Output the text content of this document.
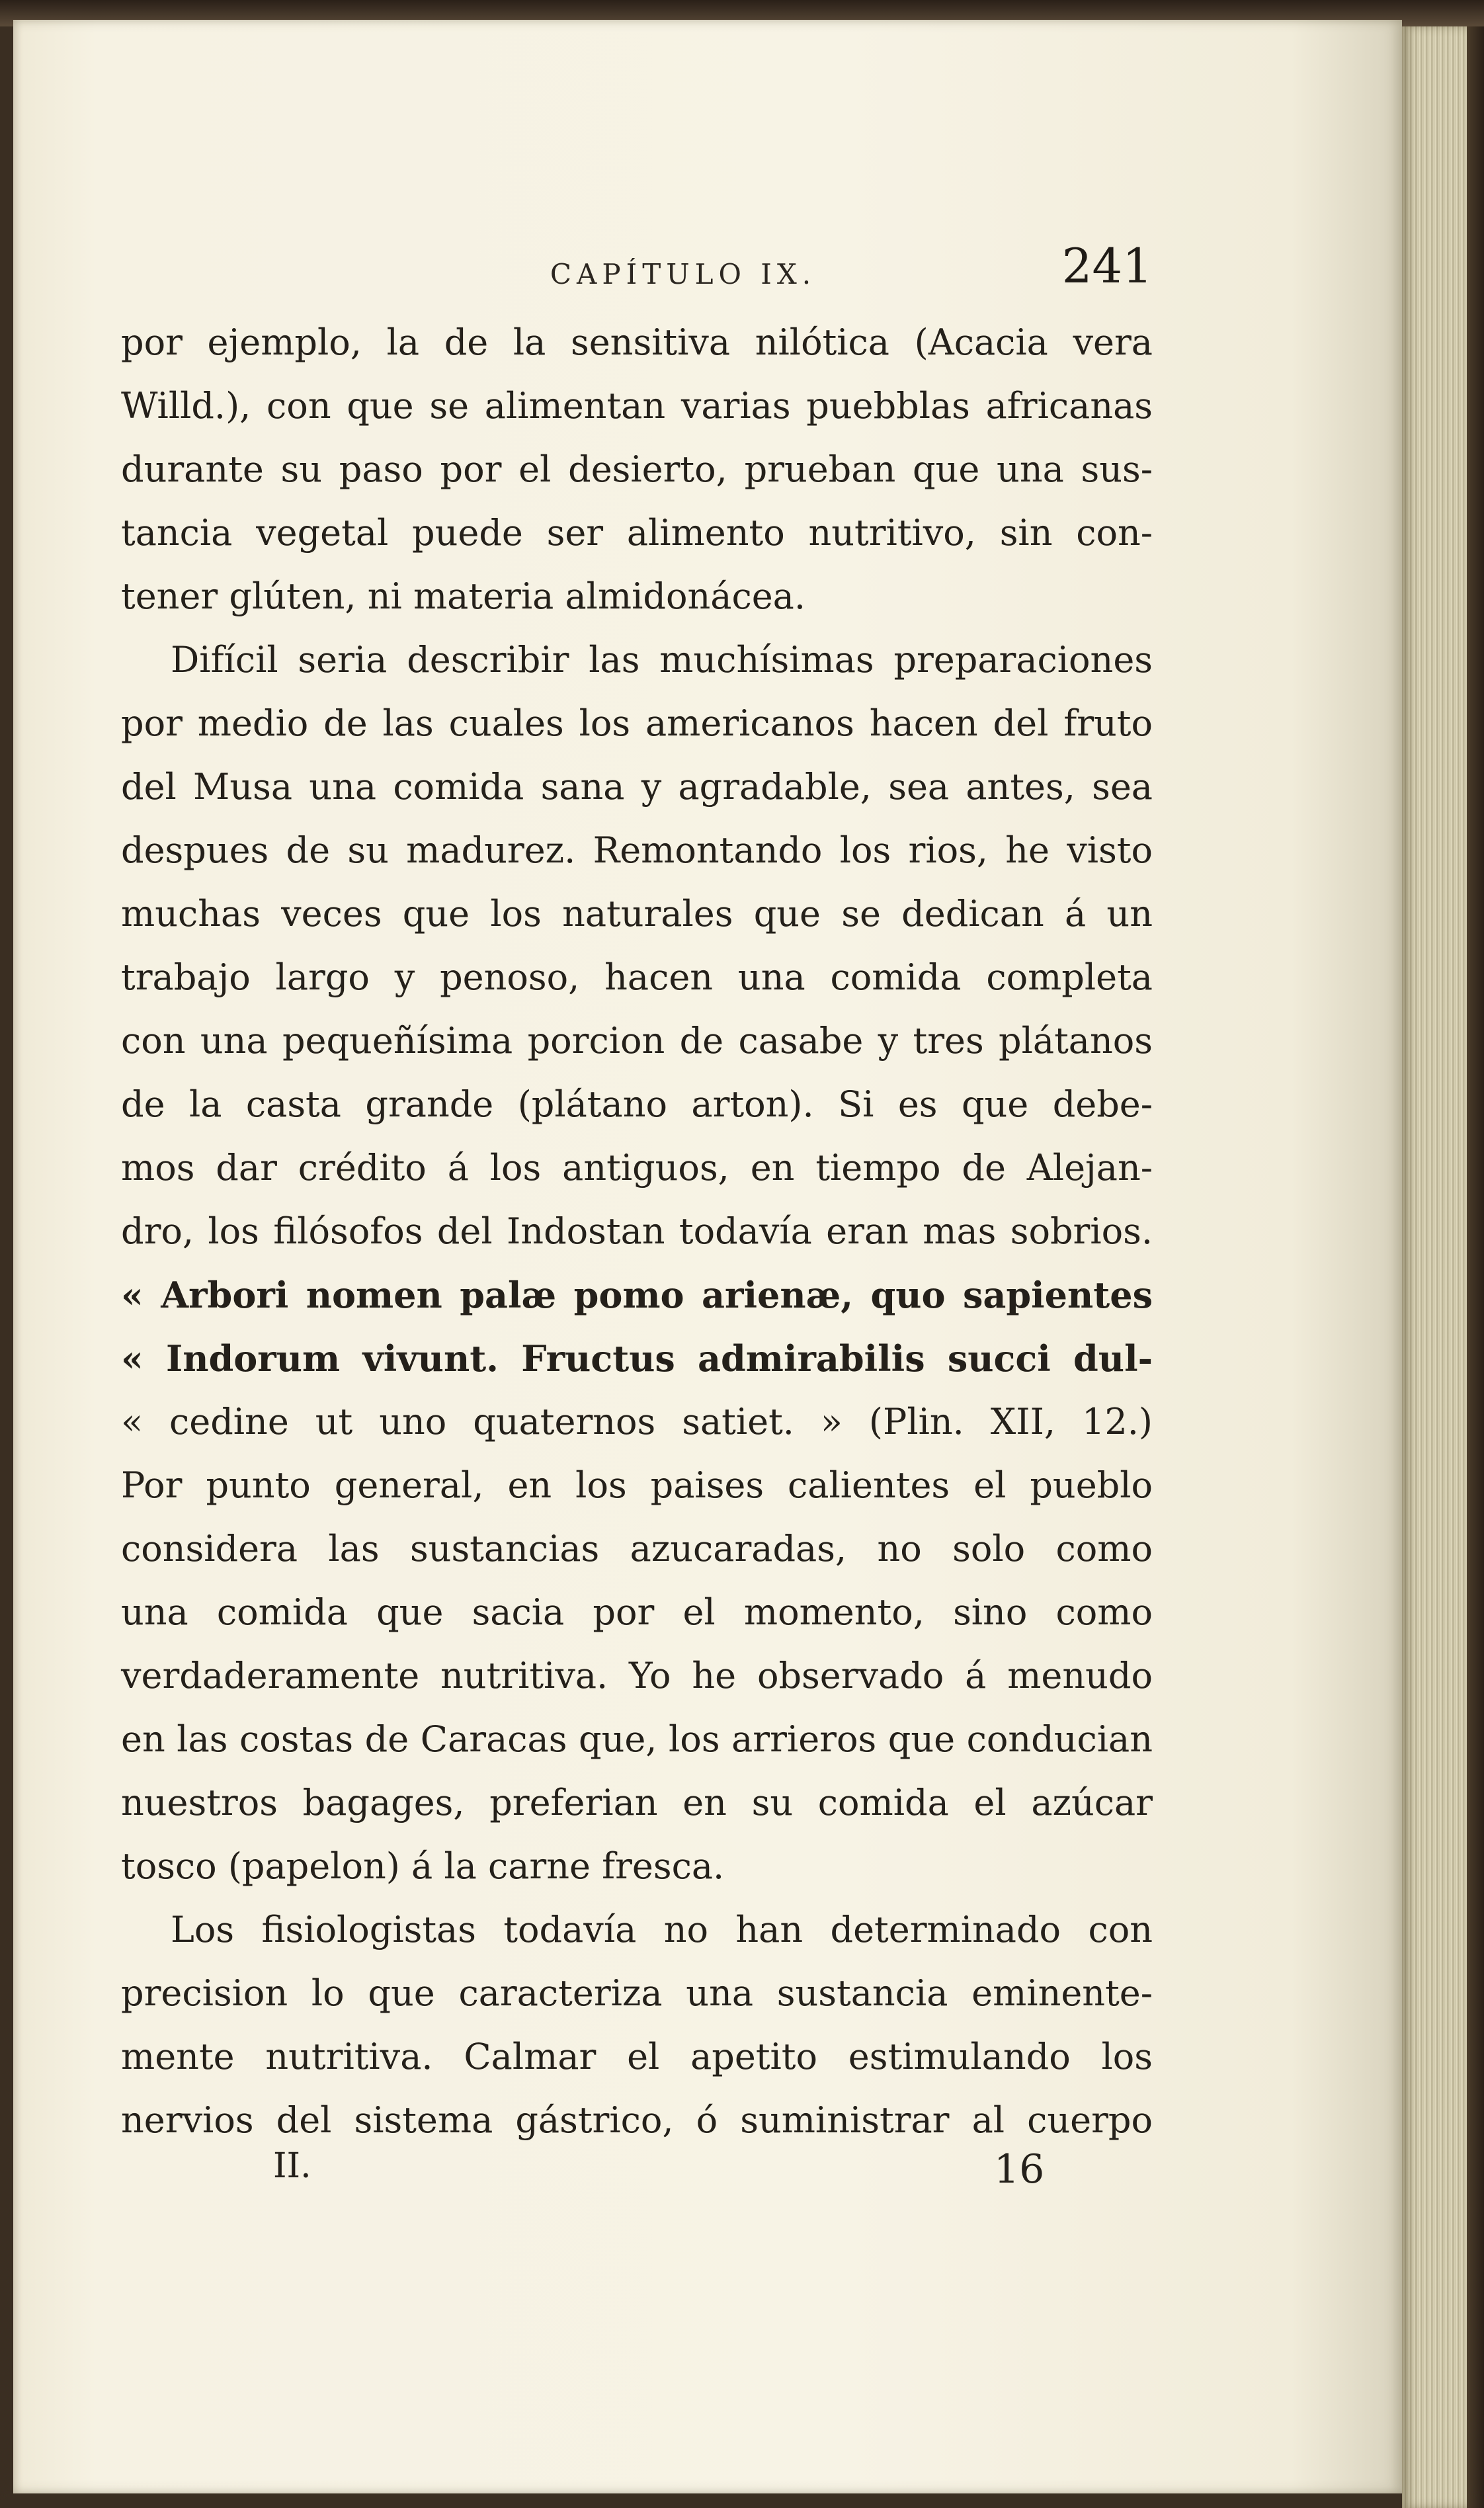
CAPÍTULO IX.	241
por ejemplo, la de la sensitiva nilótica (Acacia vera
Willd.), con que se alimentan varias puebblas africanas
durante su paso por el desierto, prueban que una sus-
tancia vegetal puede ser alimento nutritivo, sin con-
tener glúten, ni materia almidonácea.
Difícil seria describir las muchísimas preparaciones
por medio de las cuales los americanos hacen del fruto
del Musa una comida sana y agradable, sea antes, sea
despues de su madurez. Remontando los rios, he visto
muchas veces que los naturales que se dedican á un
trabajo largo y penoso, hacen una comida completa
con una pequeñísima porcion de casabe y tres plátanos
de la casta grande (plátano arton). Si es que debe-
mos dar crédito á los antiguos, en tiempo de Alejan-
dro, los filósofos del Indostan todavía eran mas sobrios.
« Arbori nomen palæ pomo arienæ, quo sapientes
« Indorum vivunt. Fructus admirabilis succi dul-
« cedine ut uno quaternos satiet. » (Plin. XII, 12.)
Por punto general, en los paises calientes el pueblo
considera las sustancias azucaradas, no solo como
una comida que sacia por el momento, sino como
verdaderamente nutritiva. Yo he observado á menudo
en las costas de Caracas que, los arrieros que conducian
nuestros bagages, preferian en su comida el azúcar
tosco (papelon) á la carne fresca.
Los fisiologistas todavía no han determinado con
precision lo que caracteriza una sustancia eminente-
mente nutritiva. Calmar el apetito estimulando los
nervios del sistema gástrico, ó suministrar al cuerpo
II.	16
